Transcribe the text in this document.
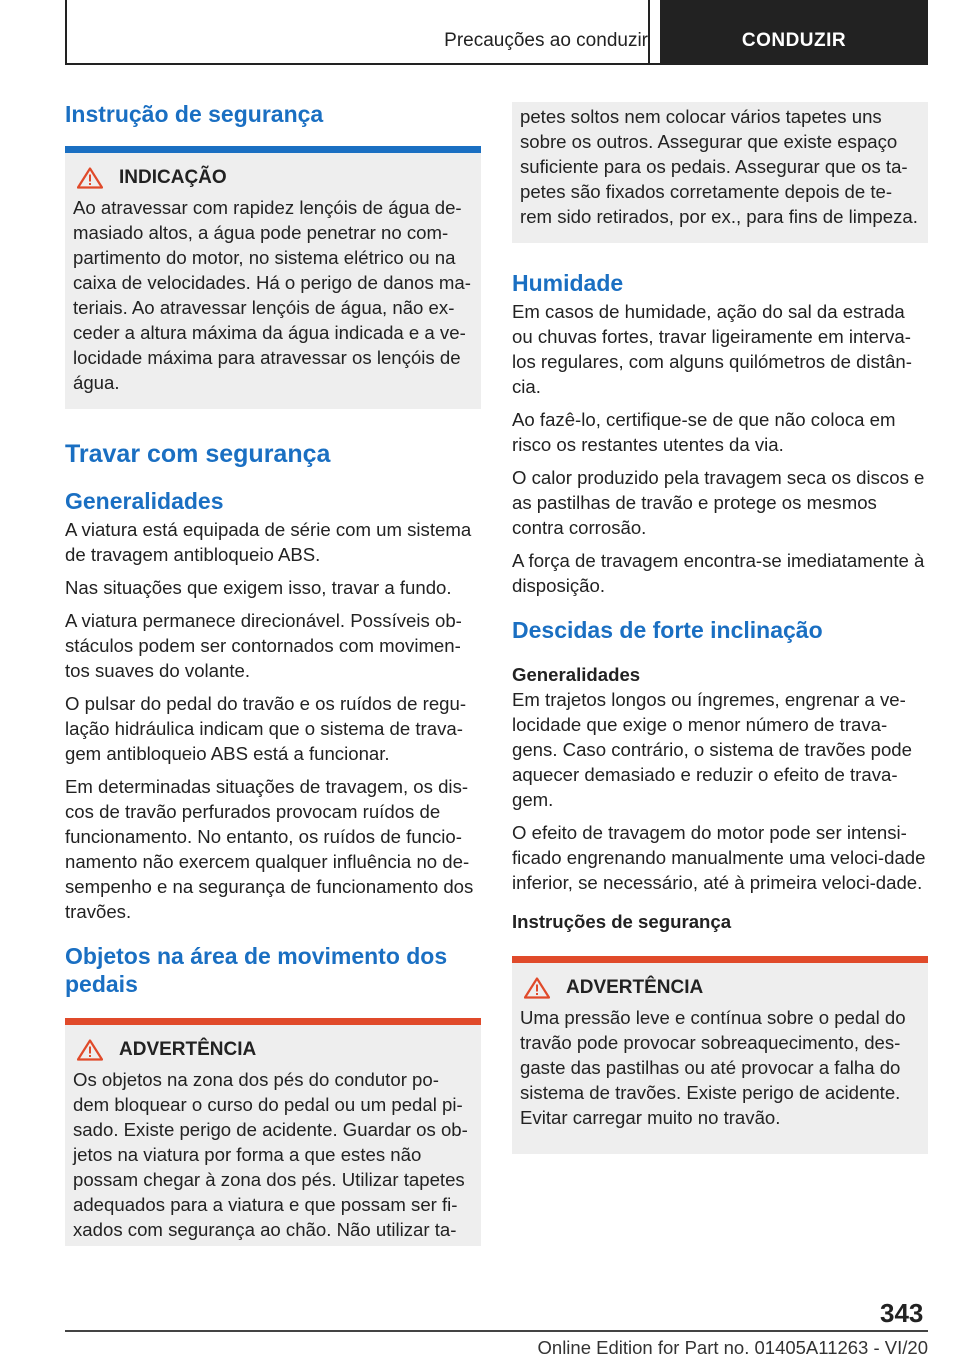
Precauções ao conduzir	CONDUZIR
Instrução de segurança
INDICAÇÃO

Ao atravessar com rapidez lençóis de água de-masiado altos, a água pode penetrar no com-partimento do motor, no sistema elétrico ou na caixa de velocidades. Há o perigo de danos ma-teriais. Ao atravessar lençóis de água, não ex-ceder a altura máxima da água indicada e a ve-locidade máxima para atravessar os lençóis de água.

Travar com segurança
Generalidades

A viatura está equipada de série com um sistema de travagem antibloqueio ABS.

Nas situações que exigem isso, travar a fundo.

A viatura permanece direcionável. Possíveis ob-stáculos podem ser contornados com movimen-tos suaves do volante.

O pulsar do pedal do travão e os ruídos de regu-lação hidráulica indicam que o sistema de trava-gem antibloqueio ABS está a funcionar.

Em determinadas situações de travagem, os dis-cos de travão perfurados provocam ruídos de funcionamento. No entanto, os ruídos de funcio-namento não exercem qualquer influência no de-sempenho e na segurança de funcionamento dos travões.

Objetos na área de movimento dos pedais
ADVERTÊNCIA

Os objetos na zona dos pés do condutor po-dem bloquear o curso do pedal ou um pedal pi-sado. Existe perigo de acidente. Guardar os ob-jetos na viatura por forma a que estes não possam chegar à zona dos pés. Utilizar tapetes adequados para a viatura e que possam ser fi-xados com segurança ao chão. Não utilizar ta-

petes soltos nem colocar vários tapetes uns sobre os outros. Assegurar que existe espaço suficiente para os pedais. Assegurar que os ta-petes são fixados corretamente depois de te-rem sido retirados, por ex., para fins de limpeza.

Humidade

Em casos de humidade, ação do sal da estrada ou chuvas fortes, travar ligeiramente em interva-los regulares, com alguns quilómetros de distân-cia.

Ao fazê-lo, certifique-se de que não coloca em risco os restantes utentes da via.

O calor produzido pela travagem seca os discos e as pastilhas de travão e protege os mesmos contra corrosão.

A força de travagem encontra-se imediatamente à disposição.

Descidas de forte inclinação
Generalidades

Em trajetos longos ou íngremes, engrenar a ve-locidade que exige o menor número de trava-gens. Caso contrário, o sistema de travões pode aquecer demasiado e reduzir o efeito de trava-gem.

O efeito de travagem do motor pode ser intensi-ficado engrenando manualmente uma veloci-dade inferior, se necessário, até à primeira veloci-dade.

Instruções de segurança
ADVERTÊNCIA

Uma pressão leve e contínua sobre o pedal do travão pode provocar sobreaquecimento, des-gaste das pastilhas ou até provocar a falha do sistema de travões. Existe perigo de acidente. Evitar carregar muito no travão.

343
Online Edition for Part no. 01405A11263 - VI/20
